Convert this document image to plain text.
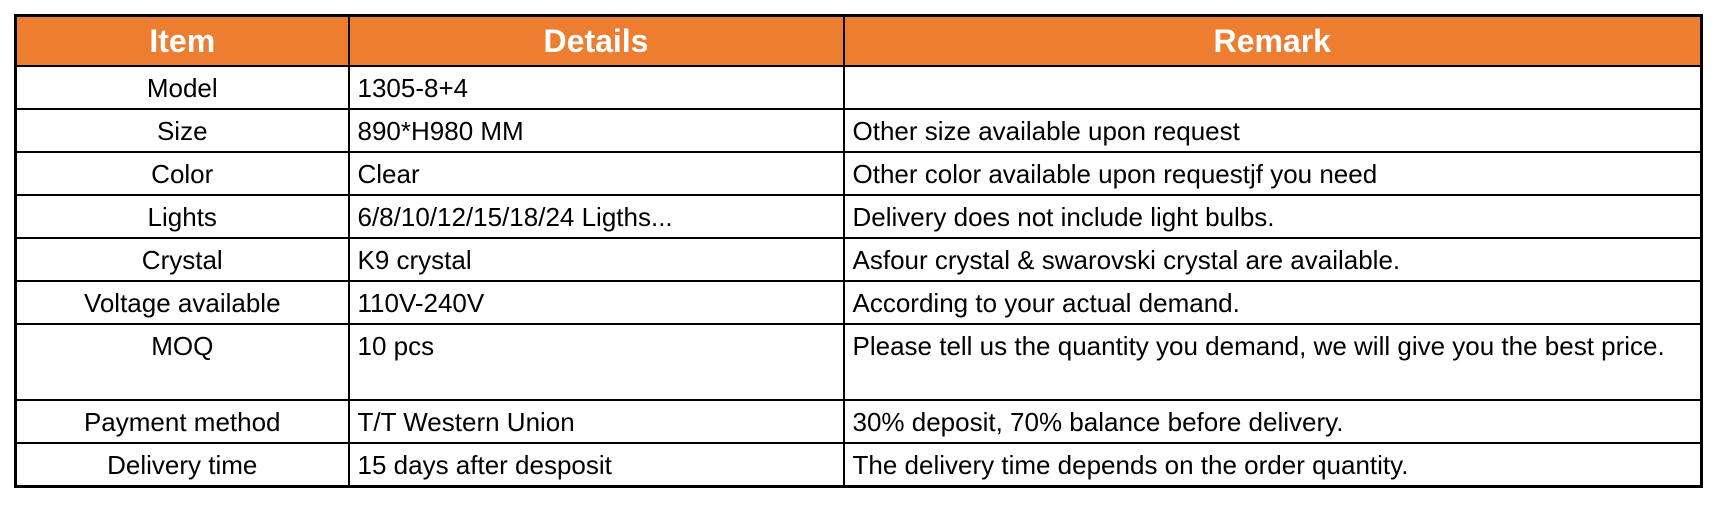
Item	Details	Remark
Model	1305-8+4	
Size	890*H980 MM	Other size available upon request
Color	Clear	Other color available upon requestjf you need
Lights	6/8/10/12/15/18/24 Ligths...	Delivery does not include light bulbs.
Crystal	K9 crystal	Asfour crystal & swarovski crystal are available.
Voltage available	110V-240V	According to your actual demand.
MOQ	10 pcs	Please tell us the quantity you demand, we will give you the best price.
Payment method	T/T Western Union	30% deposit, 70% balance before delivery.
Delivery time	15 days after desposit	The delivery time depends on the order quantity.
